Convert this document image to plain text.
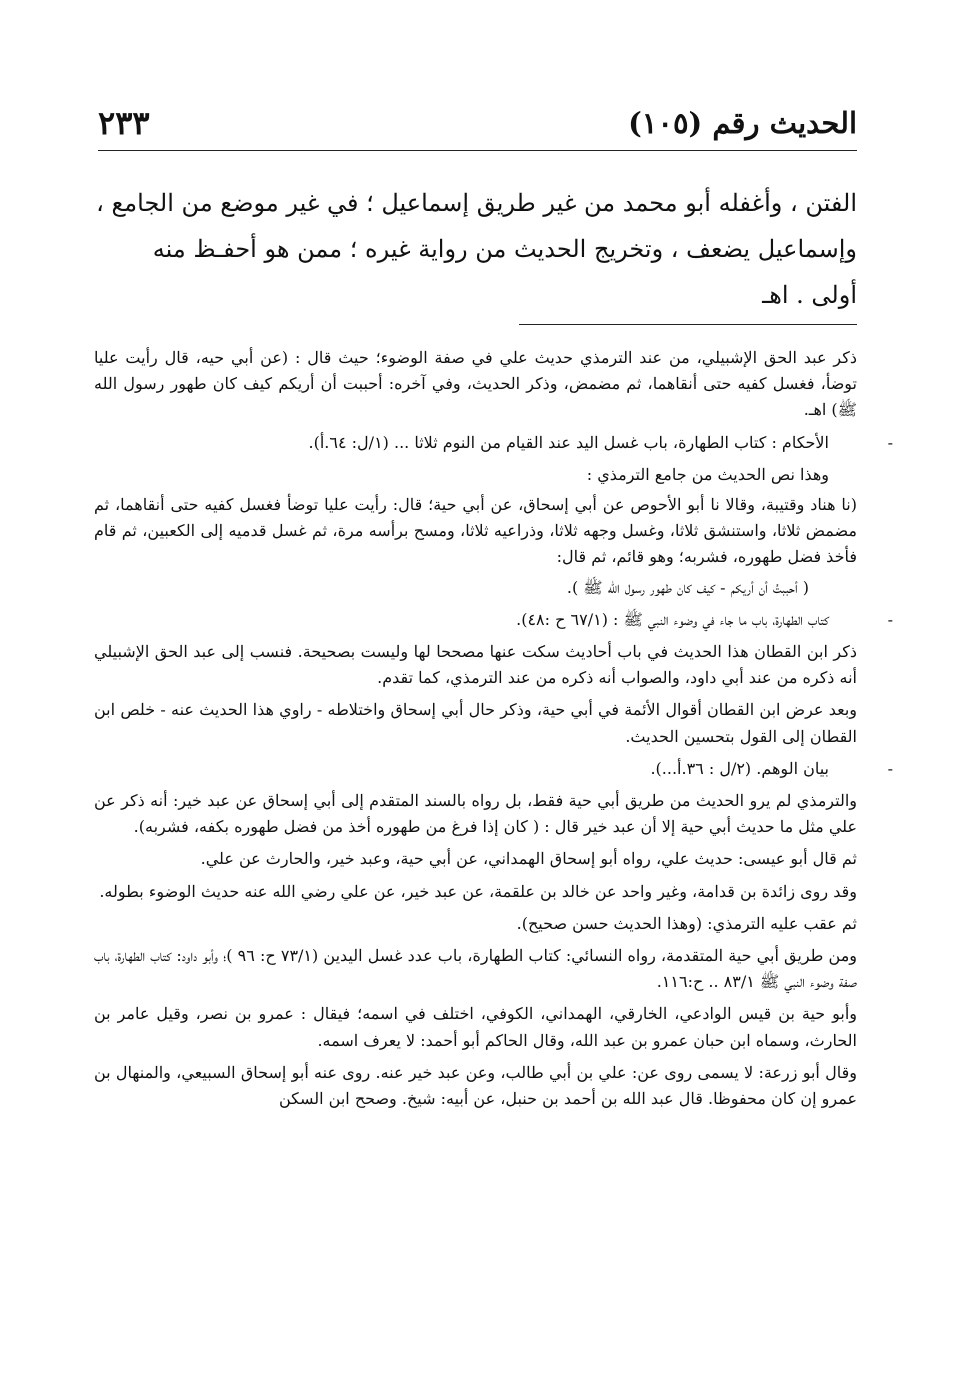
الحديث رقم (١٠٥)
٢٣٣

الفتن ، وأغفله أبو محمد من غير طريق إسماعيل ؛ في غير موضع من الجامع ،

وإسماعيل يضعف ، وتخريج الحديث من رواية غيره ؛ ممن هو أحفـظ منه

أولى . اهـ

ذكر عبد الحق الإشبيلي، من عند الترمذي حديث علي في صفة الوضوء؛ حيث قال : (عن أبي حيه، قال رأيت عليا توضأ، فغسل كفيه حتى أنقاهما، ثم مضمض، وذكر الحديث، وفي آخره: أحببت أن أريكم كيف كان طهور رسول الله ﷺ) اهـ.

-
الأحكام : كتاب الطهارة، باب غسل اليد عند القيام من النوم ثلاثا ... (١/ل: ٦٤.أ).

وهذا نص الحديث من جامع الترمذي :

(نا هناد وقتيبة، وقالا نا أبو الأحوص عن أبي إسحاق، عن أبي حية؛ قال: رأيت عليا توضأ فغسل كفيه حتى أنقاهما، ثم مضمض ثلاثا، واستنشق ثلاثا، وغسل وجهه ثلاثا، وذراعيه ثلاثا، ومسح برأسه مرة، ثم غسل قدميه إلى الكعبين، ثم قام فأخذ فضل طهوره، فشربه؛ وهو قائم، ثم قال:

( أحببتُ أن أريكم - كيف كان طهور رسول الله ﷺ ).

-
كتاب الطهارة، باب ما جاء في وضوء النبي ﷺ : (٦٧/١ ح :٤٨).

ذكر ابن القطان هذا الحديث في باب أحاديث سكت عنها مصححا لها وليست بصحيحة. فنسب إلى عبد الحق الإشبيلي أنه ذكره من عند أبي داود، والصواب أنه ذكره من عند الترمذي، كما تقدم.

وبعد عرض ابن القطان أقوال الأئمة في أبي حية، وذكر حال أبي إسحاق واختلاطه - راوي هذا الحديث عنه - خلص ابن القطان إلى القول بتحسين الحديث.

-
بيان الوهم. (٢/ل : ٣٦.أ...).

والترمذي لم يرو الحديث من طريق أبي حية فقط، بل رواه بالسند المتقدم إلى أبي إسحاق عن عبد خير: أنه ذكر عن علي مثل ما حديث أبي حية إلا أن عبد خير قال : ( كان إذا فرغ من طهوره أخذ من فضل طهوره بكفه، فشربه).

ثم قال أبو عيسى: حديث علي، رواه أبو إسحاق الهمداني، عن أبي حية، وعبد خير، والحارث عن علي.

وقد روى زائدة بن قدامة، وغير واحد عن خالد بن علقمة، عن عبد خير، عن علي رضي الله عنه حديث الوضوء بطوله.

ثم عقب عليه الترمذي: (وهذا الحديث حسن صحيح).

ومن طريق أبي حية المتقدمة، رواه النسائي: كتاب الطهارة، باب عدد غسل اليدين (٧٣/١ ح: ٩٦ )؛ وأبو داود: كتاب الطهارة، باب صفة وضوء النبي ﷺ ٨٣/١ .. ح:١١٦.

وأبو حية بن قيس الوادعي، الخارقي، الهمداني، الكوفي، اختلف في اسمه؛ فيقال : عمرو بن نصر، وقيل عامر بن الحارث، وسماه ابن حبان عمرو بن عبد الله، وقال الحاكم أبو أحمد: لا يعرف اسمه.

وقال أبو زرعة: لا يسمى روى عن: علي بن أبي طالب، وعن عبد خير عنه. روى عنه أبو إسحاق السبيعي، والمنهال بن عمرو إن كان محفوظا. قال عبد الله بن أحمد بن حنبل، عن أبيه: شيخ. وصحح ابن السكن
